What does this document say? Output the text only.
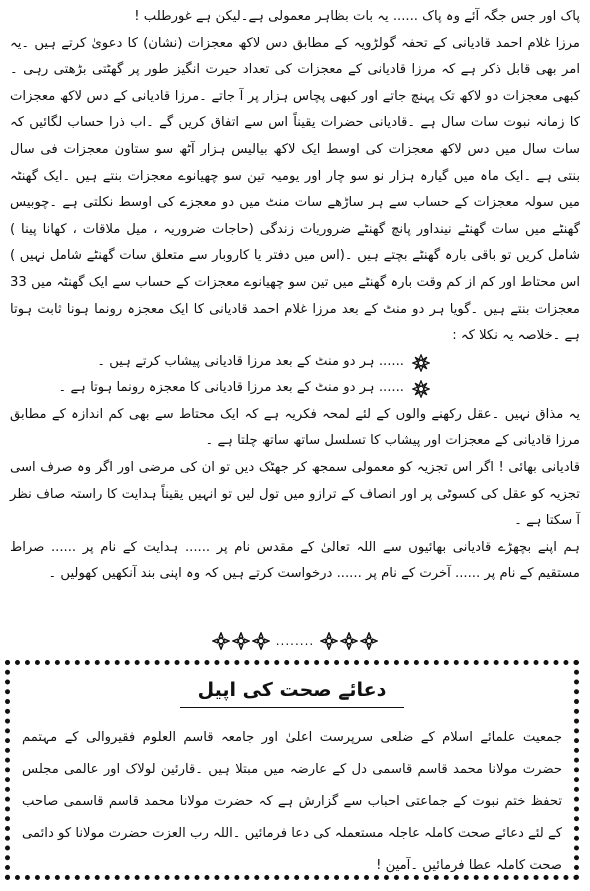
پاک اور جس جگہ آئے وہ پاک ...... یہ بات بظاہر معمولی ہے۔لیکن ہے غورطلب !

مرزا غلام احمد قادیانی کے تحفہ گولڑویہ کے مطابق دس لاکھ معجزات (نشان) کا دعویٰ کرتے ہیں ۔یہ امر بھی قابل ذکر ہے کہ مرزا قادیانی کے معجزات کی تعداد حیرت انگیز طور پر گھٹتی بڑھتی رہی ۔کبھی معجزات دو لاکھ تک پہنچ جاتے اور کبھی پچاس ہزار پر آ جاتے ۔مرزا قادیانی کے دس لاکھ معجزات کا زمانہ نبوت سات سال ہے ۔قادیانی حضرات یقیناً اس سے اتفاق کریں گے ۔اب ذرا حساب لگائیں کہ سات سال میں دس لاکھ معجزات کی اوسط ایک لاکھ بیالیس ہزار آٹھ سو ستاون معجزات فی سال بنتی ہے ۔ایک ماہ میں گیارہ ہزار نو سو چار اور یومیہ تین سو چھیانوے معجزات بنتے ہیں ۔ایک گھنٹہ میں سولہ معجزات کے حساب سے ہر ساڑھے سات منٹ میں دو معجزے کی اوسط نکلتی ہے ۔چوبیس گھنٹے میں سات گھنٹے نینداور پانچ گھنٹے ضروریات زندگی (حاجات ضروریہ ، میل ملاقات ، کھانا پینا ) شامل کریں تو باقی بارہ گھنٹے بچتے ہیں ۔(اس میں دفتر یا کاروبار سے متعلق سات گھنٹے شامل نہیں ) اس محتاط اور کم از کم وقت بارہ گھنٹے میں تین سو چھیانوے معجزات کے حساب سے ایک گھنٹہ میں 33 معجزات بنتے ہیں ۔گویا ہر دو منٹ کے بعد مرزا غلام احمد قادیانی کا ایک معجزہ رونما ہونا ثابت ہوتا ہے ۔خلاصہ یہ نکلا کہ :

...... ہر دو منٹ کے بعد مرزا قادیانی پیشاب کرتے ہیں ۔
...... ہر دو منٹ کے بعد مرزا قادیانی کا معجزہ رونما ہوتا ہے ۔

یہ مذاق نہیں ۔عقل رکھنے والوں کے لئے لمحہ فکریہ ہے کہ ایک محتاط سے بھی کم اندازہ کے مطابق مرزا قادیانی کے معجزات اور پیشاب کا تسلسل ساتھ ساتھ چلتا ہے ۔

قادیانی بھائی ! اگر اس تجزیہ کو معمولی سمجھ کر جھٹک دیں تو ان کی مرضی اور اگر وہ صرف اسی تجزیہ کو عقل کی کسوٹی پر اور انصاف کے ترازو میں تول لیں تو انہیں یقیناً ہدایت کا راستہ صاف نظر آ سکتا ہے ۔

ہم اپنے بچھڑے قادیانی بھائیوں سے اللہ تعالیٰ کے مقدس نام پر ...... ہدایت کے نام پر ...... صراط مستقیم کے نام پر ...... آخرت کے نام پر ...... درخواست کرتے ہیں کہ وہ اپنی بند آنکھیں کھولیں ۔

........
دعائے صحت کی اپیل
جمعیت علمائے اسلام کے ضلعی سرپرست اعلیٰ اور جامعہ قاسم العلوم فقیروالی کے مہتمم حضرت مولانا محمد قاسم قاسمی دل کے عارضہ میں مبتلا ہیں ۔قارئین لولاک اور عالمی مجلس تحفظ ختم نبوت کے جماعتی احباب سے گزارش ہے کہ حضرت مولانا محمد قاسم قاسمی صاحب کے لئے دعائے صحت کاملہ عاجلہ مستعملہ کی دعا فرمائیں ۔اللہ رب العزت حضرت مولانا کو دائمی صحت کاملہ عطا فرمائیں ۔آمین !
